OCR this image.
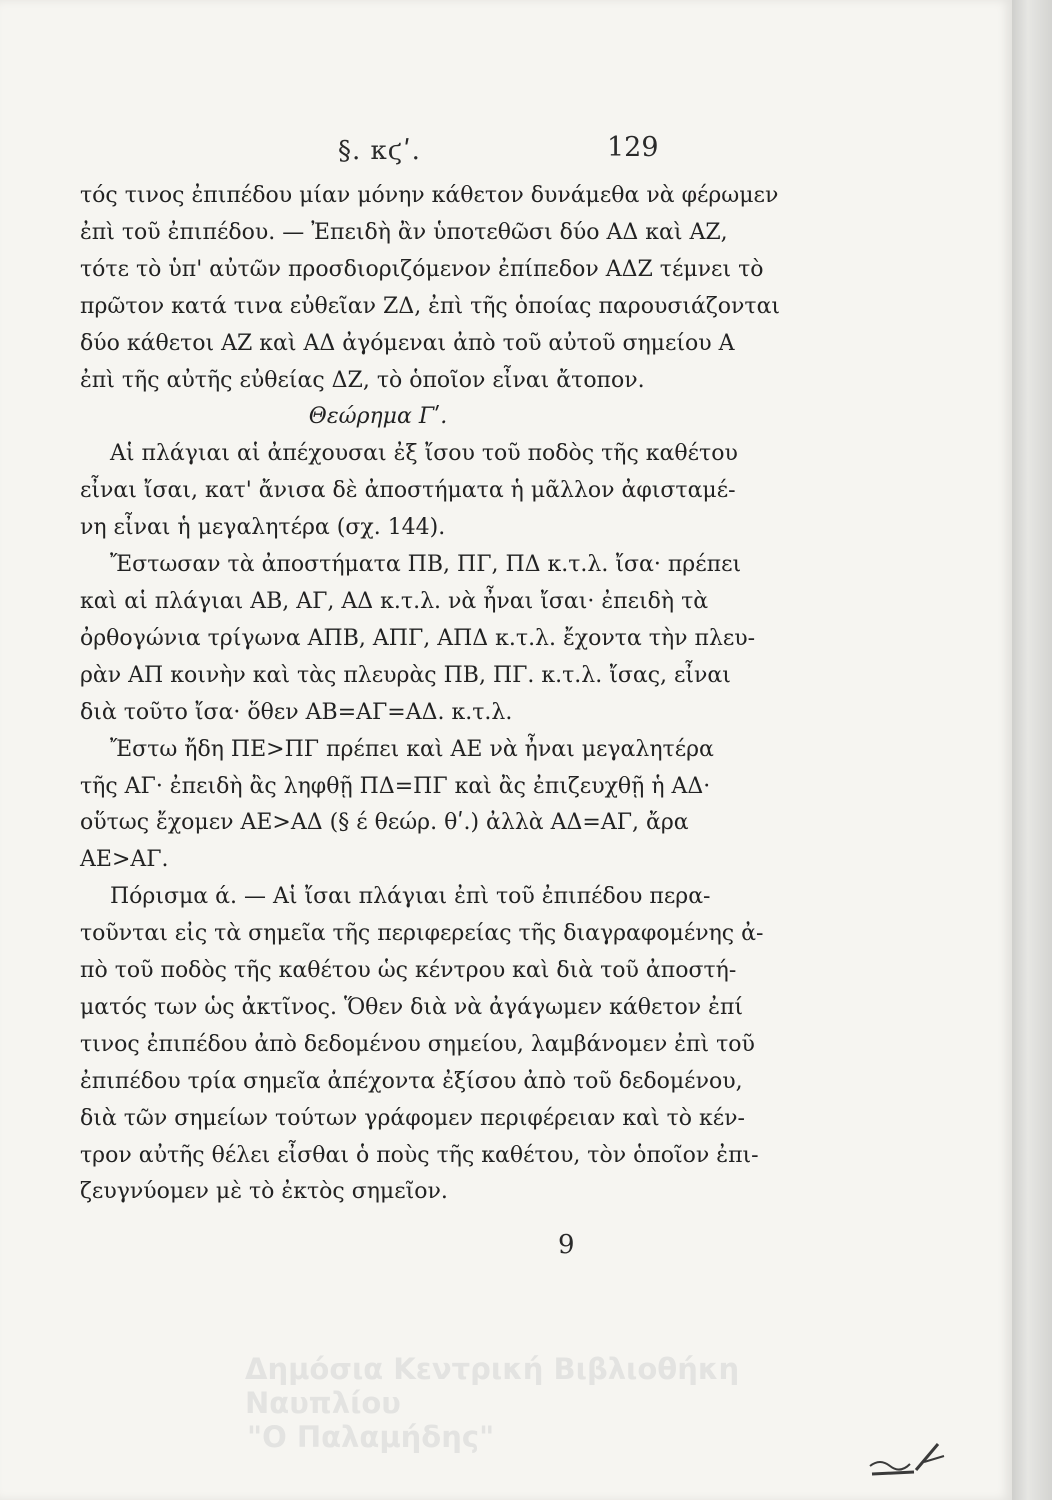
§. κϛʹ.	129
τός τινος ἐπιπέδου μίαν μόνην κάθετον δυνάμεθα νὰ φέρωμεν
ἐπὶ τοῦ ἐπιπέδου. — Ἐπειδὴ ἂν ὑποτεθῶσι δύο ΑΔ καὶ ΑΖ,
τότε τὸ ὑπ' αὐτῶν προσδιοριζόμενον ἐπίπεδον ΑΔΖ τέμνει τὸ
πρῶτον κατά τινα εὐθεῖαν ΖΔ, ἐπὶ τῆς ὁποίας παρουσιάζονται
δύο κάθετοι ΑΖ καὶ ΑΔ ἀγόμεναι ἀπὸ τοῦ αὐτοῦ σημείου Α
ἐπὶ τῆς αὐτῆς εὐθείας ΔΖ, τὸ ὁποῖον εἶναι ἄτοπον.
Θεώρημα Γʹ.
Αἱ πλάγιαι αἱ ἀπέχουσαι ἐξ ἴσου τοῦ ποδὸς τῆς καθέτου
εἶναι ἴσαι, κατ' ἄνισα δὲ ἀποστήματα ἡ μᾶλλον ἀφισταμέ-
νη εἶναι ἡ μεγαλητέρα (σχ. 144).
Ἔστωσαν τὰ ἀποστήματα ΠΒ, ΠΓ, ΠΔ κ.τ.λ. ἴσα· πρέπει
καὶ αἱ πλάγιαι ΑΒ, ΑΓ, ΑΔ κ.τ.λ. νὰ ἦναι ἴσαι· ἐπειδὴ τὰ
ὀρθογώνια τρίγωνα ΑΠΒ, ΑΠΓ, ΑΠΔ κ.τ.λ. ἔχοντα τὴν πλευ-
ρὰν ΑΠ κοινὴν καὶ τὰς πλευρὰς ΠΒ, ΠΓ. κ.τ.λ. ἴσας, εἶναι
διὰ τοῦτο ἴσα· ὅθεν ΑΒ=ΑΓ=ΑΔ. κ.τ.λ.
Ἔστω ἤδη ΠΕ>ΠΓ πρέπει καὶ ΑΕ νὰ ἦναι μεγαλητέρα
τῆς ΑΓ· ἐπειδὴ ἂς ληφθῇ ΠΔ=ΠΓ καὶ ἂς ἐπιζευχθῇ ἡ ΑΔ·
οὕτως ἔχομεν ΑΕ>ΑΔ (§ έ θεώρ. θʹ.) ἀλλὰ ΑΔ=ΑΓ, ἄρα
ΑΕ>ΑΓ.
Πόρισμα ά. — Αἱ ἴσαι πλάγιαι ἐπὶ τοῦ ἐπιπέδου περα-
τοῦνται εἰς τὰ σημεῖα τῆς περιφερείας τῆς διαγραφομένης ἀ-
πὸ τοῦ ποδὸς τῆς καθέτου ὡς κέντρου καὶ διὰ τοῦ ἀποστή-
ματός των ὡς ἀκτῖνος. Ὅθεν διὰ νὰ ἀγάγωμεν κάθετον ἐπί
τινος ἐπιπέδου ἀπὸ δεδομένου σημείου, λαμβάνομεν ἐπὶ τοῦ
ἐπιπέδου τρία σημεῖα ἀπέχοντα ἐξίσου ἀπὸ τοῦ δεδομένου,
διὰ τῶν σημείων τούτων γράφομεν περιφέρειαν καὶ τὸ κέν-
τρον αὐτῆς θέλει εἶσθαι ὁ ποὺς τῆς καθέτου, τὸν ὁποῖον ἐπι-
ζευγνύομεν μὲ τὸ ἐκτὸς σημεῖον.
9
Δημόσια Κεντρική Βιβλιοθήκη Ναυπλίου
"Ο Παλαμήδης"
